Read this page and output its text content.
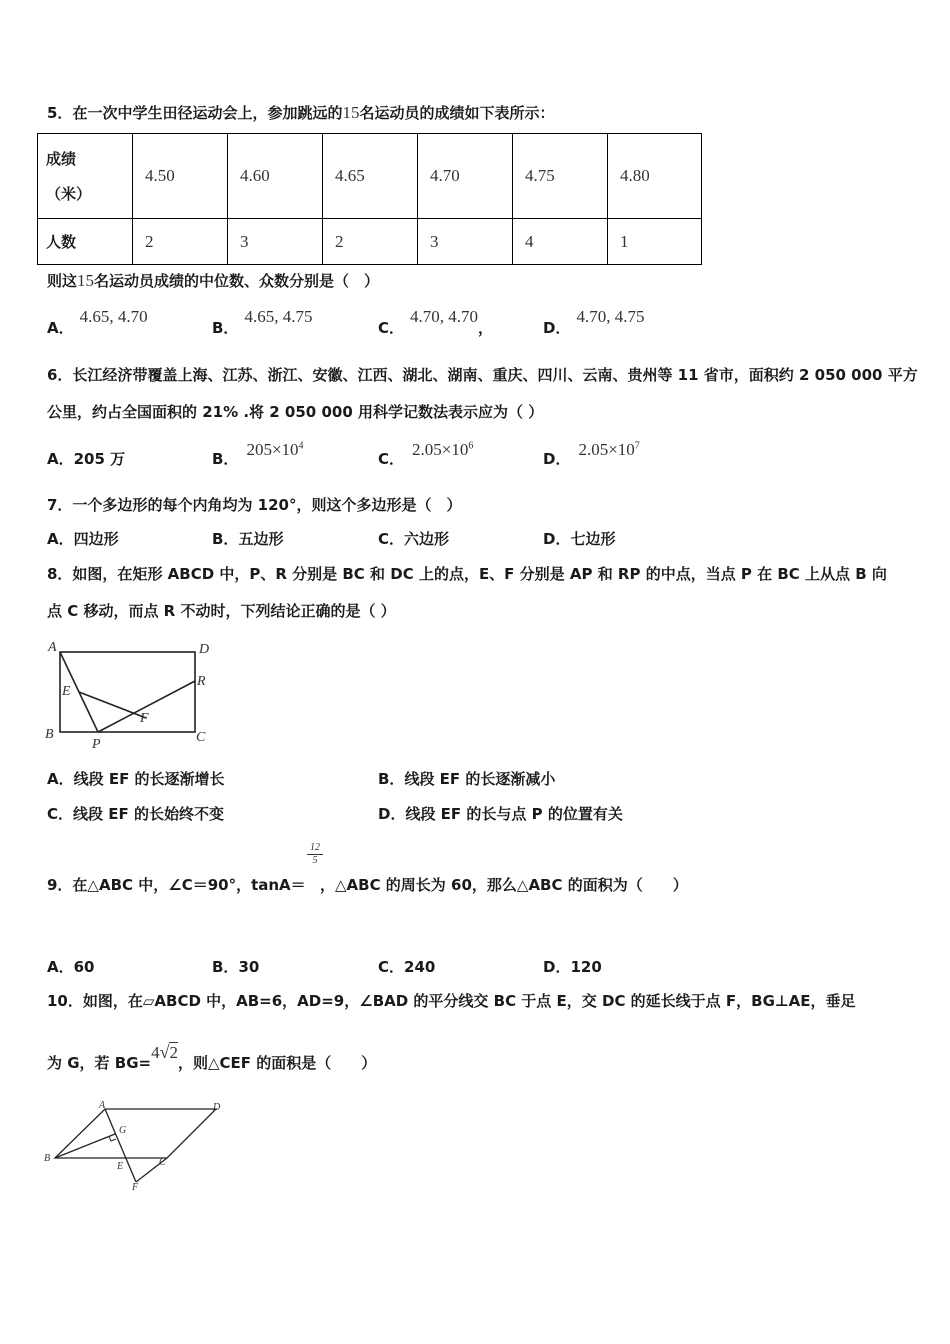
5．在一次中学生田径运动会上，参加跳远的15名运动员的成绩如下表所示：
成绩
（米）	4.50	4.60	4.65	4.70	4.75	4.80
人数	2	3	2	3	4	1
则这15名运动员成绩的中位数、众数分别是（　）
A．4.65, 4.70
B．4.65, 4.75
C．4.70, 4.70，	D．4.70, 4.75
6．长江经济带覆盖上海、江苏、浙江、安徽、江西、湖北、湖南、重庆、四川、云南、贵州等 11 省市，面积约 2 050 000 平方
公里，约占全国面积的 21% .将 2 050 000 用科学记数法表示应为（ ）
A．205 万	B． $205\times 10^4$
C． $2.05\times 10^6$
D． $2.05\times 10^7$
7．一个多边形的每个内角均为 120°，则这个多边形是（　）
A．四边形	B．五边形	C．六边形	D．七边形
8．如图，在矩形 ABCD 中，P、R 分别是 BC 和 DC 上的点，E、F 分别是 AP 和 RP 的中点，当点 P 在 BC 上从点 B 向
点 C 移动，而点 R 不动时，下列结论正确的是（ ）
A	D
B	C
E
F
P
R
A．线段 EF 的长逐渐增长	B．线段 EF 的长逐渐减小
C．线段 EF 的长始终不变	D．线段 EF 的长与点 P 的位置有关
9．在△ABC 中，∠C＝90°，tanA＝
12
5
，△ABC 的周长为 60，那么△ABC 的面积为（　　）
A．60	B．30	C．240	D．120
10．如图，在▱ABCD 中，AB=6，AD=9，∠BAD 的平分线交 BC 于点 E，交 DC 的延长线于点 F，BG⊥AE，垂足
为 G，若 BG=4√2，则△CEF 的面积是（　　）
A	D
G
B
E	C
F
